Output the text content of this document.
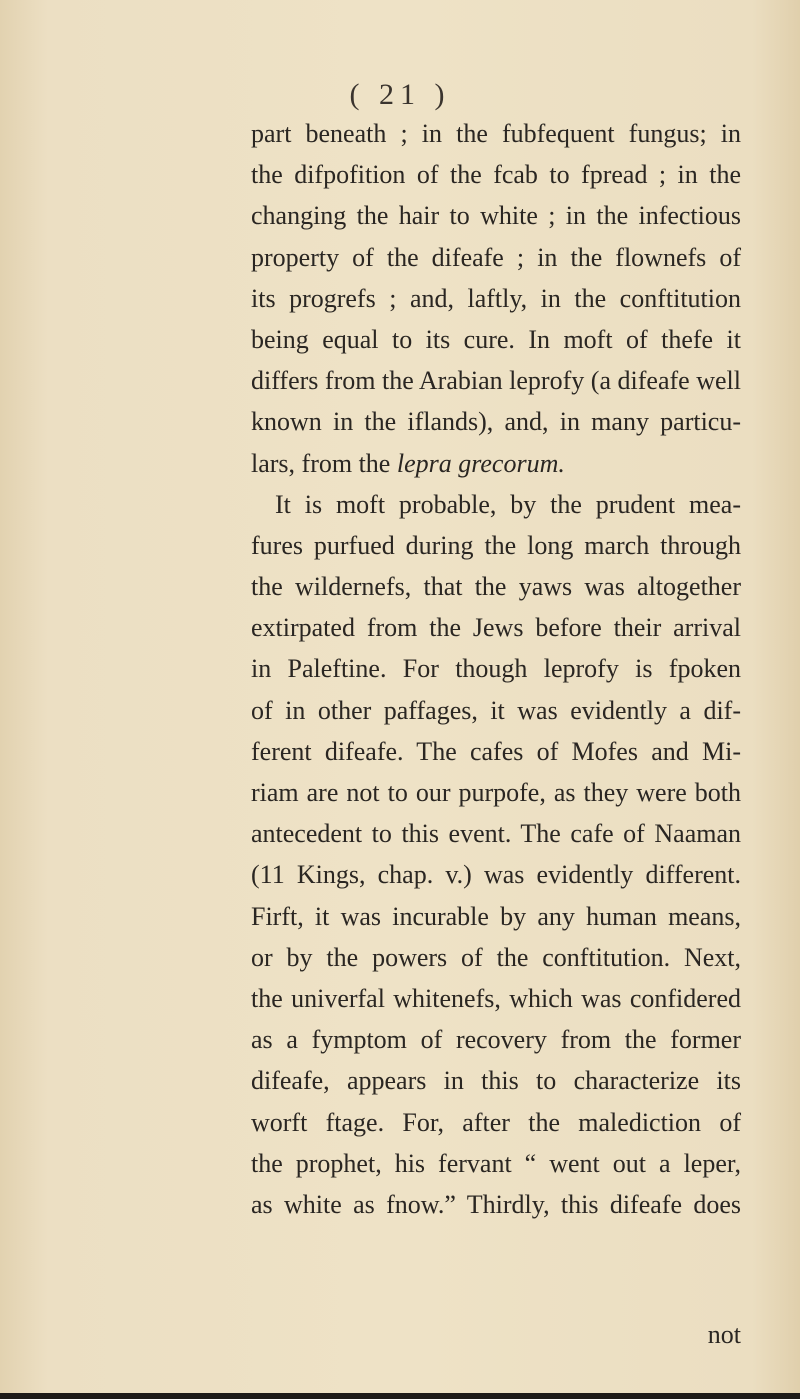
( 21 )
part beneath ; in the fubfequent fungus; in
the difpofition of the fcab to fpread ; in the
changing the hair to white ; in the infectious
property of the difeafe ; in the flownefs of
its progrefs ; and, laftly, in the conftitution
being equal to its cure. In moft of thefe it
differs from the Arabian leprofy (a difeafe well
known in the iflands), and, in many particu-
lars, from the lepra grecorum.
It is moft probable, by the prudent mea-
fures purfued during the long march through
the wildernefs, that the yaws was altogether
extirpated from the Jews before their arrival
in Paleftine. For though leprofy is fpoken
of in other paffages, it was evidently a dif-
ferent difeafe. The cafes of Mofes and Mi-
riam are not to our purpofe, as they were both
antecedent to this event. The cafe of Naaman
(11 Kings, chap. v.) was evidently different.
Firft, it was incurable by any human means,
or by the powers of the conftitution. Next,
the univerfal whitenefs, which was confidered
as a fymptom of recovery from the former
difeafe, appears in this to characterize its
worft ftage. For, after the malediction of
the prophet, his fervant “ went out a leper,
as white as fnow.” Thirdly, this difeafe does
not
